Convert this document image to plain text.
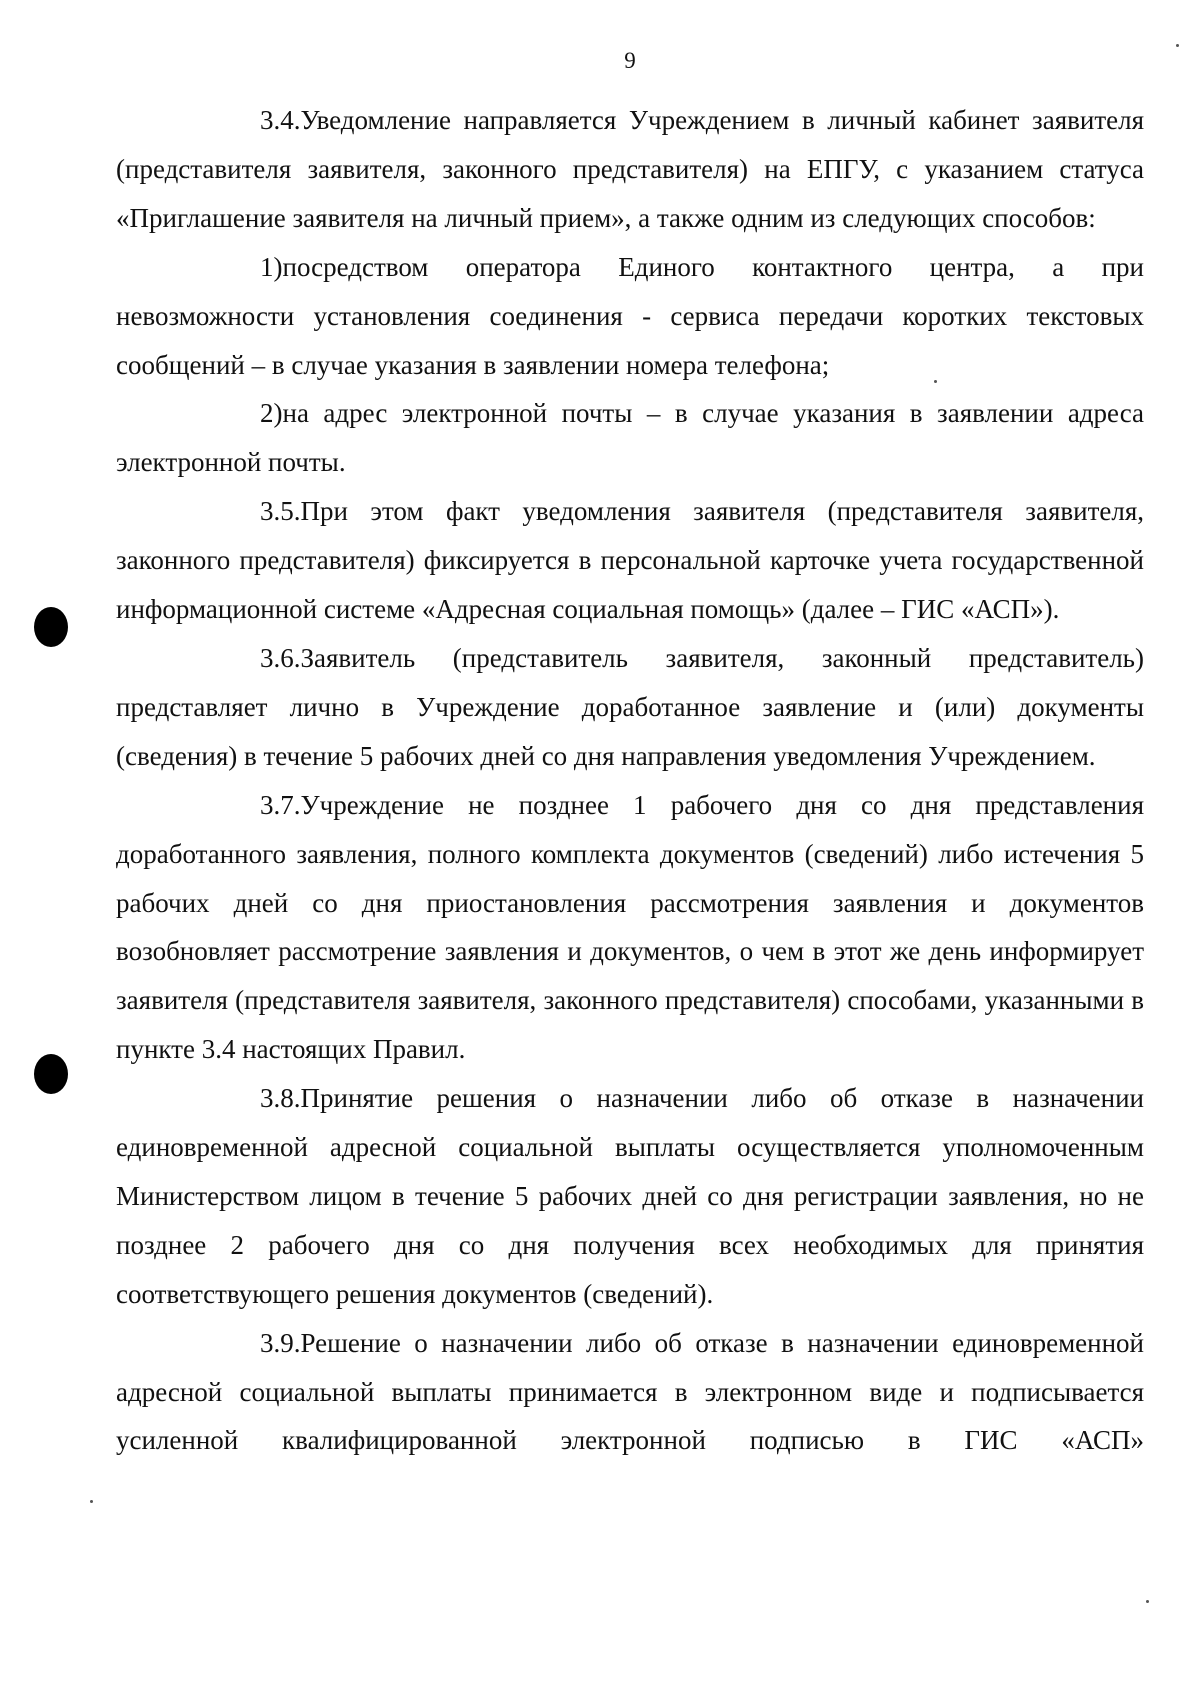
9

3.4.Уведомление направляется Учреждением в личный кабинет заявителя (представителя заявителя, законного представителя) на ЕПГУ, с указанием статуса «Приглашение заявителя на личный прием», а также одним из следующих способов:

1)посредством оператора Единого контактного центра, а при невозможности установления соединения - сервиса передачи коротких текстовых сообщений – в случае указания в заявлении номера телефона;

2)на адрес электронной почты – в случае указания в заявлении адреса электронной почты.

3.5.При этом факт уведомления заявителя (представителя заявителя, законного представителя) фиксируется в персональной карточке учета государственной информационной системе «Адресная социальная помощь» (далее – ГИС «АСП»).

3.6.Заявитель (представитель заявителя, законный представитель) представляет лично в Учреждение доработанное заявление и (или) документы (сведения) в течение 5 рабочих дней со дня направления уведомления Учреждением.

3.7.Учреждение не позднее 1 рабочего дня со дня представления доработанного заявления, полного комплекта документов (сведений) либо истечения 5 рабочих дней со дня приостановления рассмотрения заявления и документов возобновляет рассмотрение заявления и документов, о чем в этот же день информирует заявителя (представителя заявителя, законного представителя) способами, указанными в пункте 3.4 настоящих Правил.

3.8.Принятие решения о назначении либо об отказе в назначении единовременной адресной социальной выплаты осуществляется уполномоченным Министерством лицом в течение 5 рабочих дней со дня регистрации заявления, но не позднее 2 рабочего дня со дня получения всех необходимых для принятия соответствующего решения документов (сведений).

3.9.Решение о назначении либо об отказе в назначении единовременной адресной социальной выплаты принимается в электронном виде и подписывается усиленной квалифицированной электронной подписью в ГИС «АСП»
